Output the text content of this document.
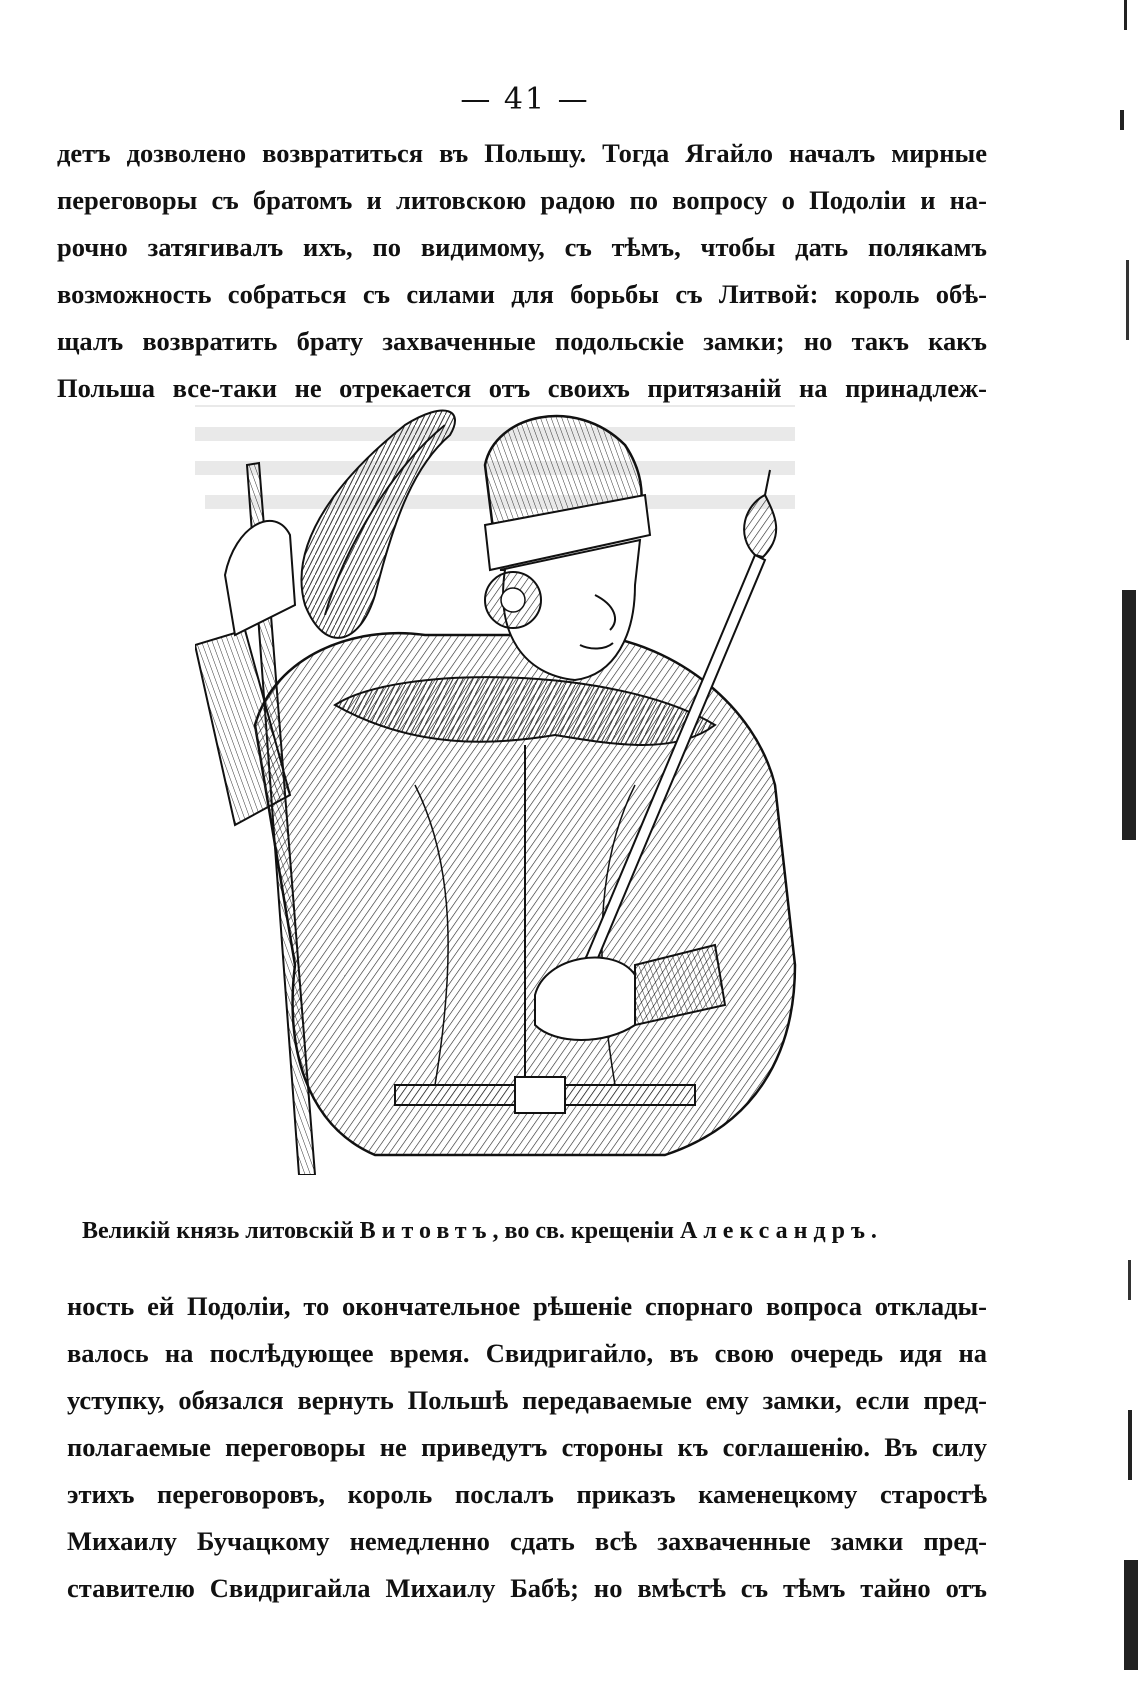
— 41 —
детъ дозволено возвратиться въ Польшу. Тогда Ягайло началъ мирные
переговоры съ братомъ и литовскою радою по вопросу о Подоліи и на-
рочно затягивалъ ихъ, по видимому, съ тѣмъ, чтобы дать полякамъ
возможность собраться съ силами для борьбы съ Литвой: король обѣ-
щалъ возвратить брату захваченные подольскіе замки; но такъ какъ
Польша все-таки не отрекается отъ своихъ притязаній на принадлеж-
Великій князь литовскій Витовтъ, во св. крещеніи Александръ.
ность ей Подоліи, то окончательное рѣшеніе спорнаго вопроса отклады-
валось на послѣдующее время. Свидригайло, въ свою очередь идя на
уступку, обязался вернуть Польшѣ передаваемые ему замки, если пред-
полагаемые переговоры не приведутъ стороны къ соглашенію. Въ силу
этихъ переговоровъ, король послалъ приказъ каменецкому старостѣ
Михаилу Бучацкому немедленно сдать всѣ захваченные замки пред-
ставителю Свидригайла Михаилу Бабѣ; но вмѣстѣ съ тѣмъ тайно отъ
